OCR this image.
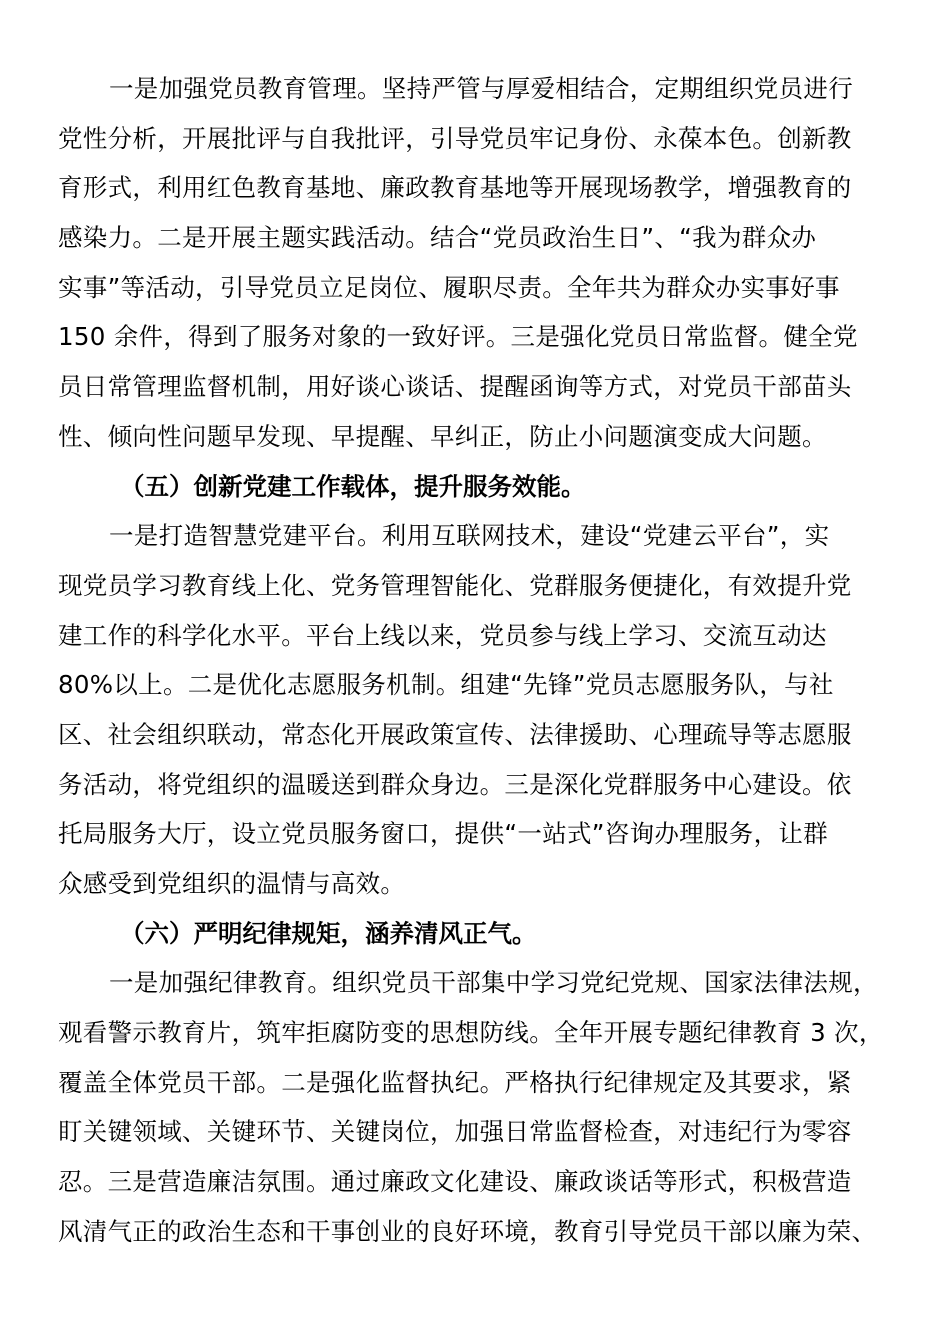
一是加强党员教育管理。坚持严管与厚爱相结合，定期组织党员进行
党性分析，开展批评与自我批评，引导党员牢记身份、永葆本色。创新教
育形式，利用红色教育基地、廉政教育基地等开展现场教学，增强教育的
感染力。二是开展主题实践活动。结合“党员政治生日”、“我为群众办
实事”等活动，引导党员立足岗位、履职尽责。全年共为群众办实事好事
150 余件，得到了服务对象的一致好评。三是强化党员日常监督。健全党
员日常管理监督机制，用好谈心谈话、提醒函询等方式，对党员干部苗头
性、倾向性问题早发现、早提醒、早纠正，防止小问题演变成大问题。
（五）创新党建工作载体，提升服务效能。
一是打造智慧党建平台。利用互联网技术，建设“党建云平台”，实
现党员学习教育线上化、党务管理智能化、党群服务便捷化，有效提升党
建工作的科学化水平。平台上线以来，党员参与线上学习、交流互动达
80%以上。二是优化志愿服务机制。组建“先锋”党员志愿服务队，与社
区、社会组织联动，常态化开展政策宣传、法律援助、心理疏导等志愿服
务活动，将党组织的温暖送到群众身边。三是深化党群服务中心建设。依
托局服务大厅，设立党员服务窗口，提供“一站式”咨询办理服务，让群
众感受到党组织的温情与高效。
（六）严明纪律规矩，涵养清风正气。
一是加强纪律教育。组织党员干部集中学习党纪党规、国家法律法规，
观看警示教育片，筑牢拒腐防变的思想防线。全年开展专题纪律教育 3 次，
覆盖全体党员干部。二是强化监督执纪。严格执行纪律规定及其要求，紧
盯关键领域、关键环节、关键岗位，加强日常监督检查，对违纪行为零容
忍。三是营造廉洁氛围。通过廉政文化建设、廉政谈话等形式，积极营造
风清气正的政治生态和干事创业的良好环境，教育引导党员干部以廉为荣、
